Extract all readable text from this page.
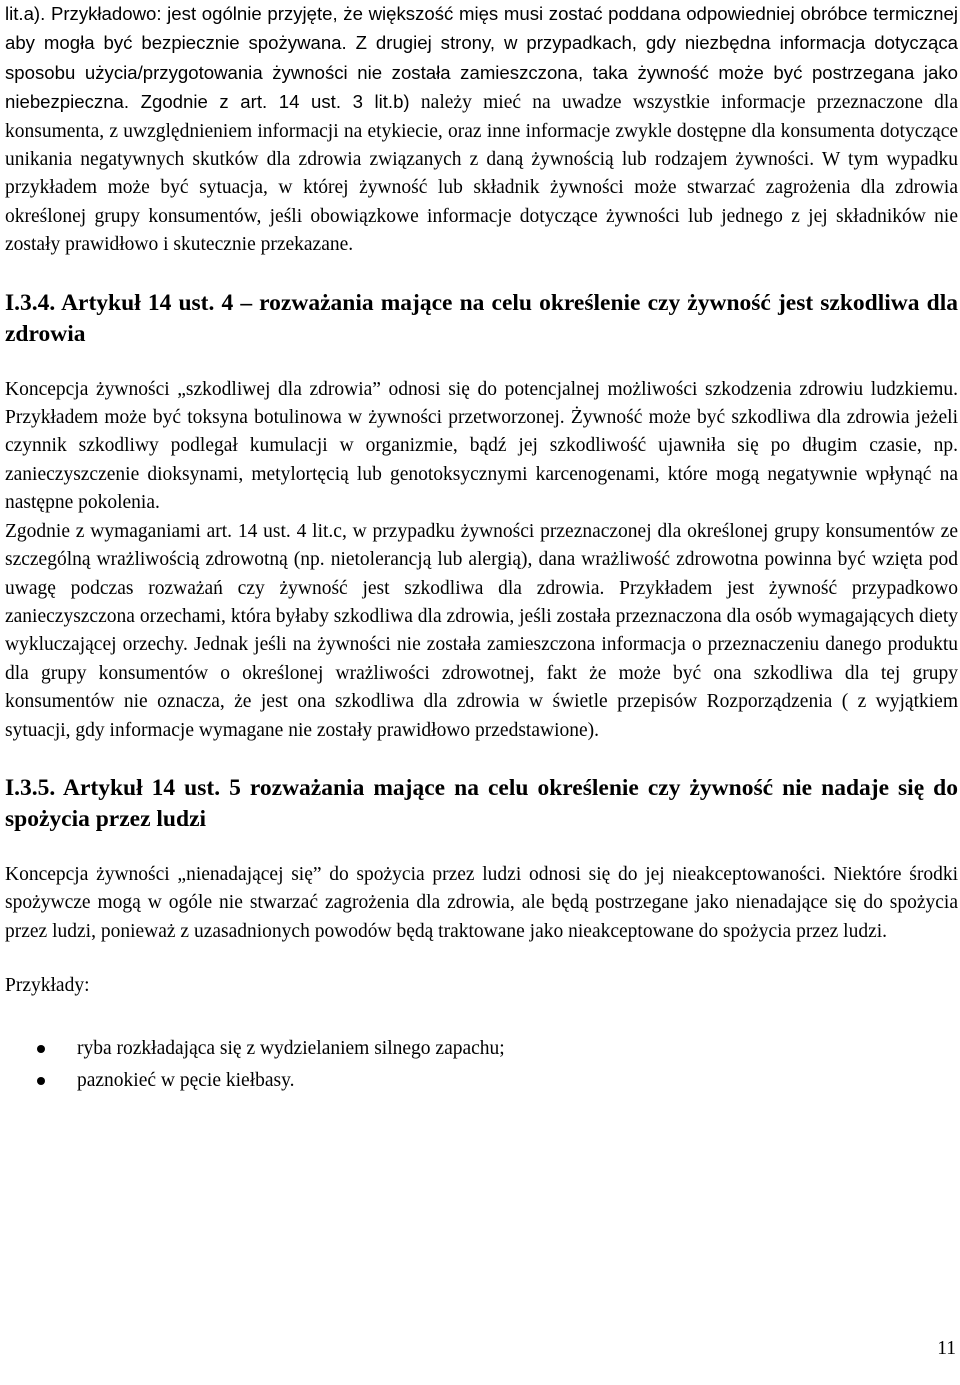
lit.a). Przykładowo: jest ogólnie przyjęte, że większość mięs musi zostać poddana odpowiedniej obróbce termicznej aby mogła być bezpiecznie spożywana. Z drugiej strony, w przypadkach, gdy niezbędna informacja dotycząca sposobu użycia/przygotowania żywności nie została zamieszczona, taka żywność może być postrzegana jako niebezpieczna. Zgodnie z art. 14 ust. 3 lit.b) należy mieć na uwadze wszystkie informacje przeznaczone dla konsumenta, z uwzględnieniem informacji na etykiecie, oraz inne informacje zwykle dostępne dla konsumenta dotyczące unikania negatywnych skutków dla zdrowia związanych z daną żywnością lub rodzajem żywności. W tym wypadku przykładem może być sytuacja, w której żywność lub składnik żywności może stwarzać zagrożenia dla zdrowia określonej grupy konsumentów, jeśli obowiązkowe informacje dotyczące żywności lub jednego z jej składników nie zostały prawidłowo i skutecznie przekazane.

I.3.4. Artykuł 14 ust. 4 – rozważania mające na celu określenie czy żywność jest szkodliwa dla zdrowia

Koncepcja żywności „szkodliwej dla zdrowia” odnosi się do potencjalnej możliwości szkodzenia zdrowiu ludzkiemu. Przykładem może być toksyna botulinowa w żywności przetworzonej. Żywność może być szkodliwa dla zdrowia jeżeli czynnik szkodliwy podlegał kumulacji w organizmie, bądź jej szkodliwość ujawniła się po długim czasie, np. zanieczyszczenie dioksynami, metylortęcią lub genotoksycznymi karcenogenami, które mogą negatywnie wpłynąć na następne pokolenia.

Zgodnie z wymaganiami art. 14 ust. 4 lit.c, w przypadku żywności przeznaczonej dla określonej grupy konsumentów ze szczególną wrażliwością zdrowotną (np. nietolerancją lub alergią), dana wrażliwość zdrowotna powinna być wzięta pod uwagę podczas rozważań czy żywność jest szkodliwa dla zdrowia. Przykładem jest żywność przypadkowo zanieczyszczona orzechami, która byłaby szkodliwa dla zdrowia, jeśli została przeznaczona dla osób wymagających diety wykluczającej orzechy. Jednak jeśli na żywności nie została zamieszczona informacja o przeznaczeniu danego produktu dla grupy konsumentów o określonej wrażliwości zdrowotnej, fakt że może być ona szkodliwa dla tej grupy konsumentów nie oznacza, że jest ona szkodliwa dla zdrowia w świetle przepisów Rozporządzenia ( z wyjątkiem sytuacji, gdy informacje wymagane nie zostały prawidłowo przedstawione).

I.3.5. Artykuł 14 ust. 5 rozważania mające na celu określenie czy żywność nie nadaje się do spożycia przez ludzi

Koncepcja żywności „nienadającej się” do spożycia przez ludzi odnosi się do jej nieakceptowaności. Niektóre środki spożywcze mogą w ogóle nie stwarzać zagrożenia dla zdrowia, ale będą postrzegane jako nienadające się do spożycia przez ludzi, ponieważ z uzasadnionych powodów będą traktowane jako nieakceptowane do spożycia przez ludzi.

Przykłady:

ryba rozkładająca się z wydzielaniem silnego zapachu;
paznokieć w pęcie kiełbasy.
11
